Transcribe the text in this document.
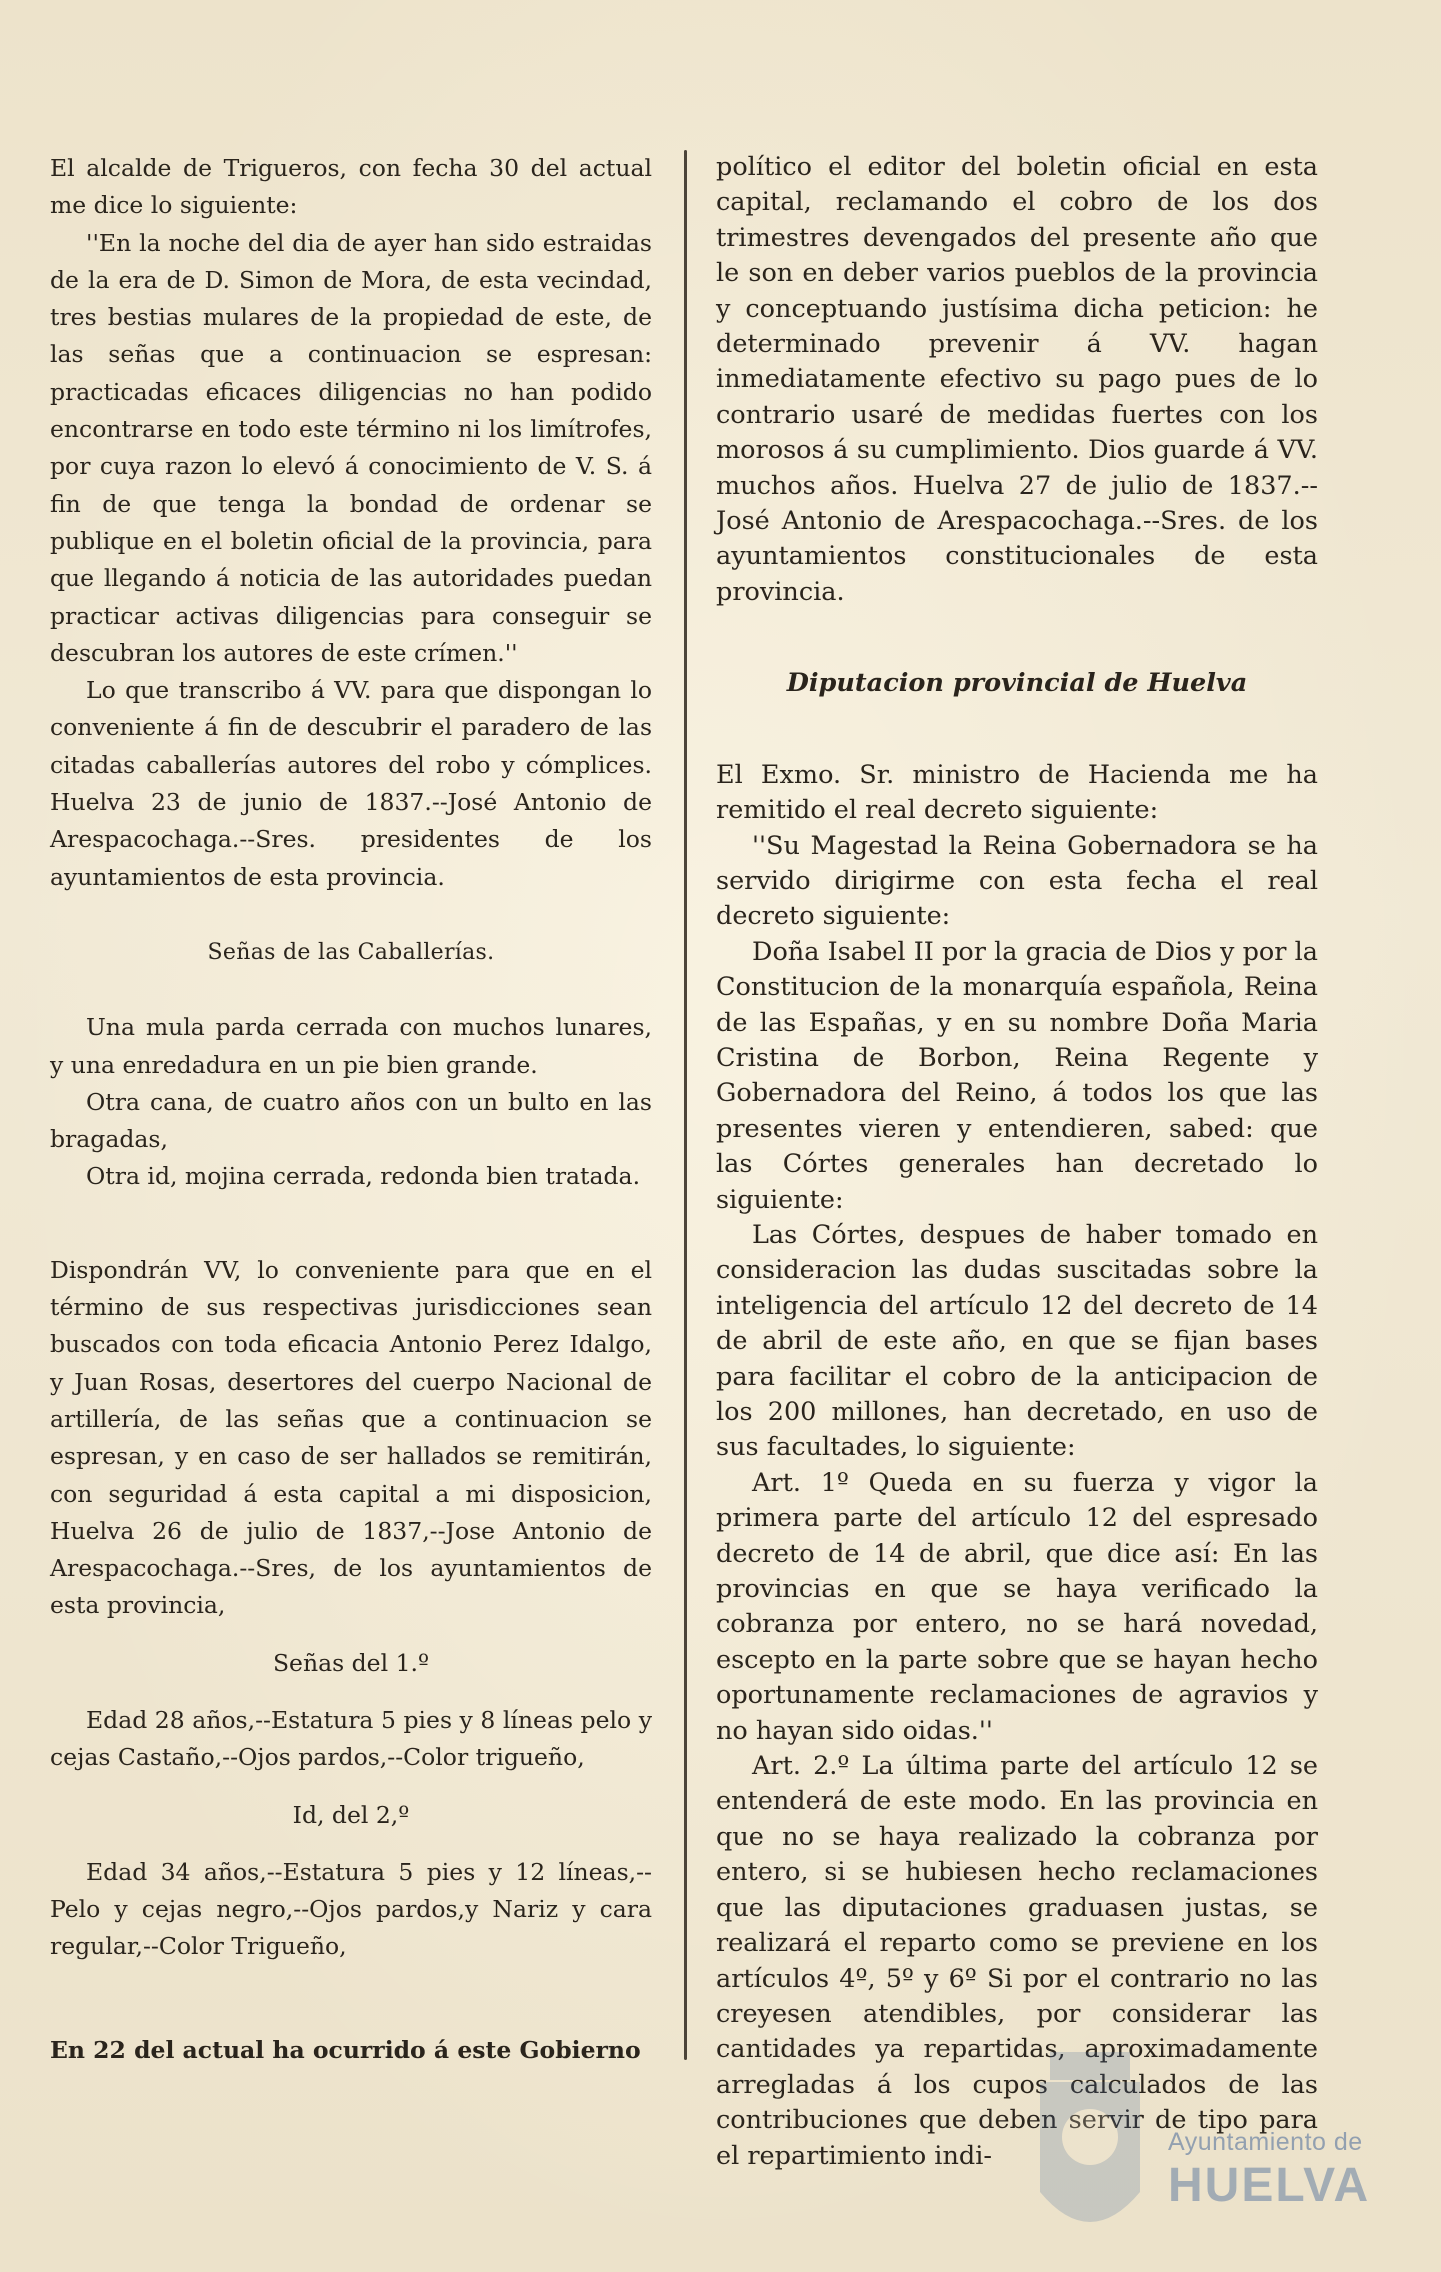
El alcalde de Trigueros, con fecha 30 del actual me dice lo siguiente:

''En la noche del dia de ayer han sido estraidas de la era de D. Simon de Mora, de esta vecindad, tres bestias mulares de la propiedad de este, de las señas que a continuacion se espresan: practicadas eficaces diligencias no han podido encontrarse en todo este término ni los limítrofes, por cuya razon lo elevó á conocimiento de V. S. á fin de que tenga la bondad de ordenar se publique en el boletin oficial de la provincia, para que llegando á noticia de las autoridades puedan practicar activas diligencias para conseguir se descubran los autores de este crímen.''

Lo que transcribo á VV. para que dispongan lo conveniente á fin de descubrir el paradero de las citadas caballerías autores del robo y cómplices. Huelva 23 de junio de 1837.--José Antonio de Arespacochaga.--Sres. presidentes de los ayuntamientos de esta provincia.

Señas de las Caballerías.

Una mula parda cerrada con muchos lunares, y una enredadura en un pie bien grande.

Otra cana, de cuatro años con un bulto en las bragadas,

Otra id, mojina cerrada, redonda bien tratada.

Dispondrán VV, lo conveniente para que en el término de sus respectivas jurisdicciones sean buscados con toda eficacia Antonio Perez Idalgo, y Juan Rosas, desertores del cuerpo Nacional de artillería, de las señas que a continuacion se espresan, y en caso de ser hallados se remitirán, con seguridad á esta capital a mi disposicion, Huelva 26 de julio de 1837,--Jose Antonio de Arespacochaga.--Sres, de los ayuntamientos de esta provincia,

Señas del 1.º

Edad 28 años,--Estatura 5 pies y 8 líneas pelo y cejas Castaño,--Ojos pardos,--Color trigueño,

Id, del 2,º

Edad 34 años,--Estatura 5 pies y 12 líneas,--Pelo y cejas negro,--Ojos pardos,y Nariz y cara regular,--Color Trigueño,

En 22 del actual ha ocurrido á este Gobierno

político el editor del boletin oficial en esta capital, reclamando el cobro de los dos trimestres devengados del presente año que le son en deber varios pueblos de la provincia y conceptuando justísima dicha peticion: he determinado prevenir á VV. hagan inmediatamente efectivo su pago pues de lo contrario usaré de medidas fuertes con los morosos á su cumplimiento. Dios guarde á VV. muchos años. Huelva 27 de julio de 1837.--José Antonio de Arespacochaga.--Sres. de los ayuntamientos constitucionales de esta provincia.

Diputacion provincial de Huelva

El Exmo. Sr. ministro de Hacienda me ha remitido el real decreto siguiente:

''Su Magestad la Reina Gobernadora se ha servido dirigirme con esta fecha el real decreto siguiente:

Doña Isabel II por la gracia de Dios y por la Constitucion de la monarquía española, Reina de las Españas, y en su nombre Doña Maria Cristina de Borbon, Reina Regente y Gobernadora del Reino, á todos los que las presentes vieren y entendieren, sabed: que las Córtes generales han decretado lo siguiente:

Las Córtes, despues de haber tomado en consideracion las dudas suscitadas sobre la inteligencia del artículo 12 del decreto de 14 de abril de este año, en que se fijan bases para facilitar el cobro de la anticipacion de los 200 millones, han decretado, en uso de sus facultades, lo siguiente:

Art. 1º Queda en su fuerza y vigor la primera parte del artículo 12 del espresado decreto de 14 de abril, que dice así: En las provincias en que se haya verificado la cobranza por entero, no se hará novedad, escepto en la parte sobre que se hayan hecho oportunamente reclamaciones de agravios y no hayan sido oidas.''

Art. 2.º La última parte del artículo 12 se entenderá de este modo. En las provincia en que no se haya realizado la cobranza por entero, si se hubiesen hecho reclamaciones que las diputaciones graduasen justas, se realizará el reparto como se previene en los artículos 4º, 5º y 6º Si por el contrario no las creyesen atendibles, por considerar las cantidades ya repartidas, aproximadamente arregladas á los cupos calculados de las contribuciones que deben servir de tipo para el repartimiento indi-	Ayuntamiento de
HUELVA
